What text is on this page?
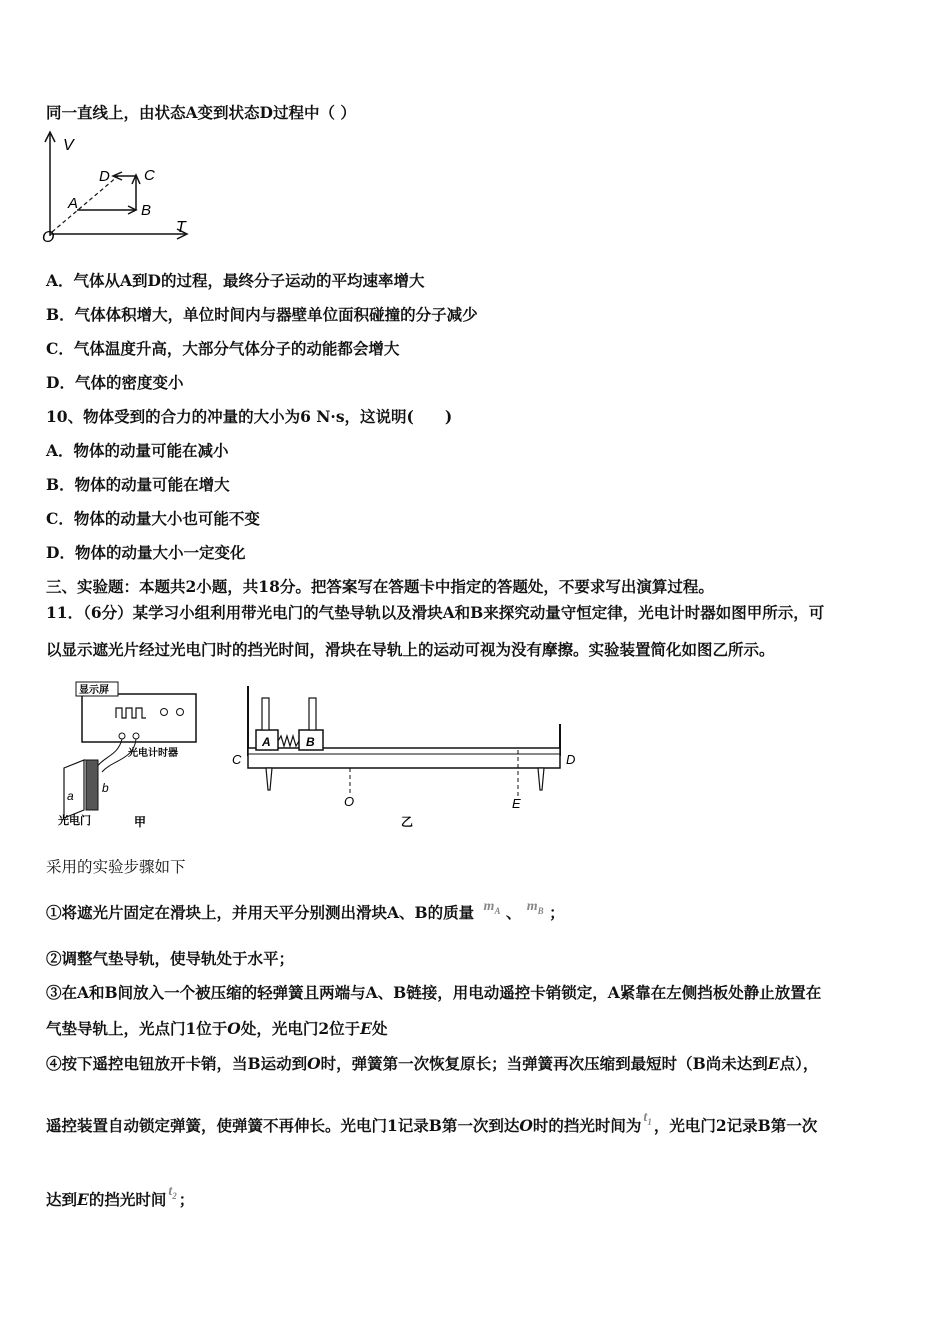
同一直线上，由状态A变到状态D过程中（ ）
V
T
O
A	B
C
D
A．气体从A到D的过程，最终分子运动的平均速率增大
B．气体体积增大，单位时间内与器壁单位面积碰撞的分子减少
C．气体温度升高，大部分气体分子的动能都会增大
D．气体的密度变小
10、物体受到的合力的冲量的大小为6 N·s，这说明(　　)
A．物体的动量可能在减小
B．物体的动量可能在增大
C．物体的动量大小也可能不变
D．物体的动量大小一定变化
三、实验题：本题共2小题，共18分。把答案写在答题卡中指定的答题处，不要求写出演算过程。
11．（6分）某学习小组利用带光电门的气垫导轨以及滑块A和B来探究动量守恒定律，光电计时器如图甲所示，可
以显示遮光片经过光电门时的挡光时间，滑块在导轨上的运动可视为没有摩擦。实验装置简化如图乙所示。
显示屏
光电计时器
a
b
光电门	甲
A	B
C	D
O	E
乙
采用的实验步骤如下
①将遮光片固定在滑块上，并用天平分别测出滑块A、B的质量 $m_A$ 、 $m_B$ ；
②调整气垫导轨，使导轨处于水平；
③在A和B间放入一个被压缩的轻弹簧且两端与A、B链接，用电动遥控卡销锁定，A紧靠在左侧挡板处静止放置在
气垫导轨上，光点门1位于O处，光电门2位于E处
④按下遥控电钮放开卡销，当B运动到O时，弹簧第一次恢复原长；当弹簧再次压缩到最短时（B尚未达到E点），
遥控装置自动锁定弹簧，使弹簧不再伸长。光电门1记录B第一次到达O时的挡光时间为 $t_1$ ，光电门2记录B第一次
达到E的挡光时间 $t_2$ ；
